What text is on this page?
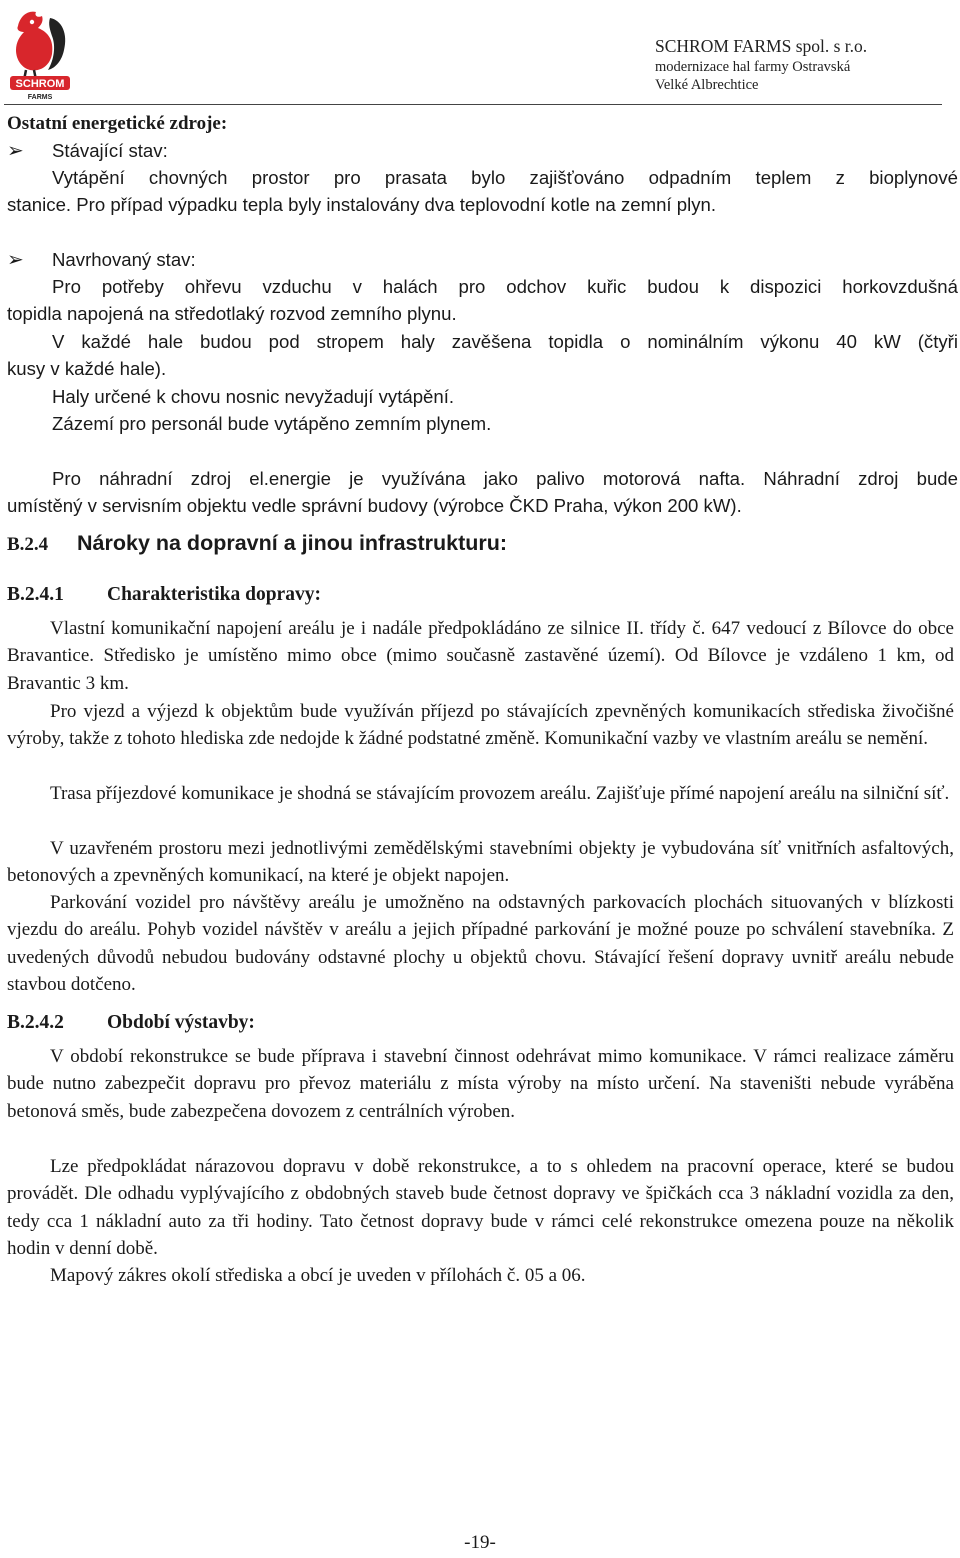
SCHROM
FARMS
SCHROM FARMS spol. s r.o.
modernizace hal farmy Ostravská
Velké Albrechtice

Ostatní energetické zdroje:

➢ Stávající stav:

Vytápění chovných prostor pro prasata bylo zajišťováno odpadním teplem z bioplynové

stanice. Pro případ výpadku tepla byly instalovány dva teplovodní kotle na zemní plyn.

➢ Navrhovaný stav:

Pro potřeby ohřevu vzduchu v halách pro odchov kuřic budou k dispozici horkovzdušná

topidla napojená na středotlaký rozvod zemního plynu.

V každé hale budou pod stropem haly zavěšena topidla o nominálním výkonu 40 kW (čtyři

kusy v každé hale).

Haly určené k chovu nosnic nevyžadují vytápění.

Zázemí pro personál bude vytápěno zemním plynem.

Pro náhradní zdroj el.energie je využívána jako palivo motorová nafta. Náhradní zdroj bude

umístěný v servisním objektu vedle správní budovy (výrobce ČKD Praha, výkon 200 kW).

B.2.4 Nároky na dopravní a jinou infrastrukturu:
B.2.4.1 Charakteristika dopravy:

Vlastní komunikační napojení areálu je i nadále předpokládáno ze silnice II. třídy č. 647 vedoucí z Bílovce do obce Bravantice. Středisko je umístěno mimo obce (mimo současně zastavěné území). Od Bílovce je vzdáleno 1 km, od Bravantic 3 km.

Pro vjezd a výjezd k objektům bude využíván příjezd po stávajících zpevněných komunikacích střediska živočišné výroby, takže z tohoto hlediska zde nedojde k žádné podstatné změně. Komunikační vazby ve vlastním areálu se nemění.

Trasa příjezdové komunikace je shodná se stávajícím provozem areálu. Zajišťuje přímé napojení areálu na silniční síť.

V uzavřeném prostoru mezi jednotlivými zemědělskými stavebními objekty je vybudována síť vnitřních asfaltových, betonových a zpevněných komunikací, na které je objekt napojen.

Parkování vozidel pro návštěvy areálu je umožněno na odstavných parkovacích plochách situovaných v blízkosti vjezdu do areálu. Pohyb vozidel návštěv v areálu a jejich případné parkování je možné pouze po schválení stavebníka. Z uvedených důvodů nebudou budovány odstavné plochy u objektů chovu. Stávající řešení dopravy uvnitř areálu nebude stavbou dotčeno.

B.2.4.2 Období výstavby:

V období rekonstrukce se bude příprava i stavební činnost odehrávat mimo komunikace. V rámci realizace záměru bude nutno zabezpečit dopravu pro převoz materiálu z místa výroby na místo určení. Na staveništi nebude vyráběna betonová směs, bude zabezpečena dovozem z centrálních výroben.

Lze předpokládat nárazovou dopravu v době rekonstrukce, a to s ohledem na pracovní operace, které se budou provádět. Dle odhadu vyplývajícího z obdobných staveb bude četnost dopravy ve špičkách cca 3 nákladní vozidla za den, tedy cca 1 nákladní auto za tři hodiny. Tato četnost dopravy bude v rámci celé rekonstrukce omezena pouze na několik hodin v denní době.

Mapový zákres okolí střediska a obcí je uveden v přílohách č. 05 a 06.

-19-
